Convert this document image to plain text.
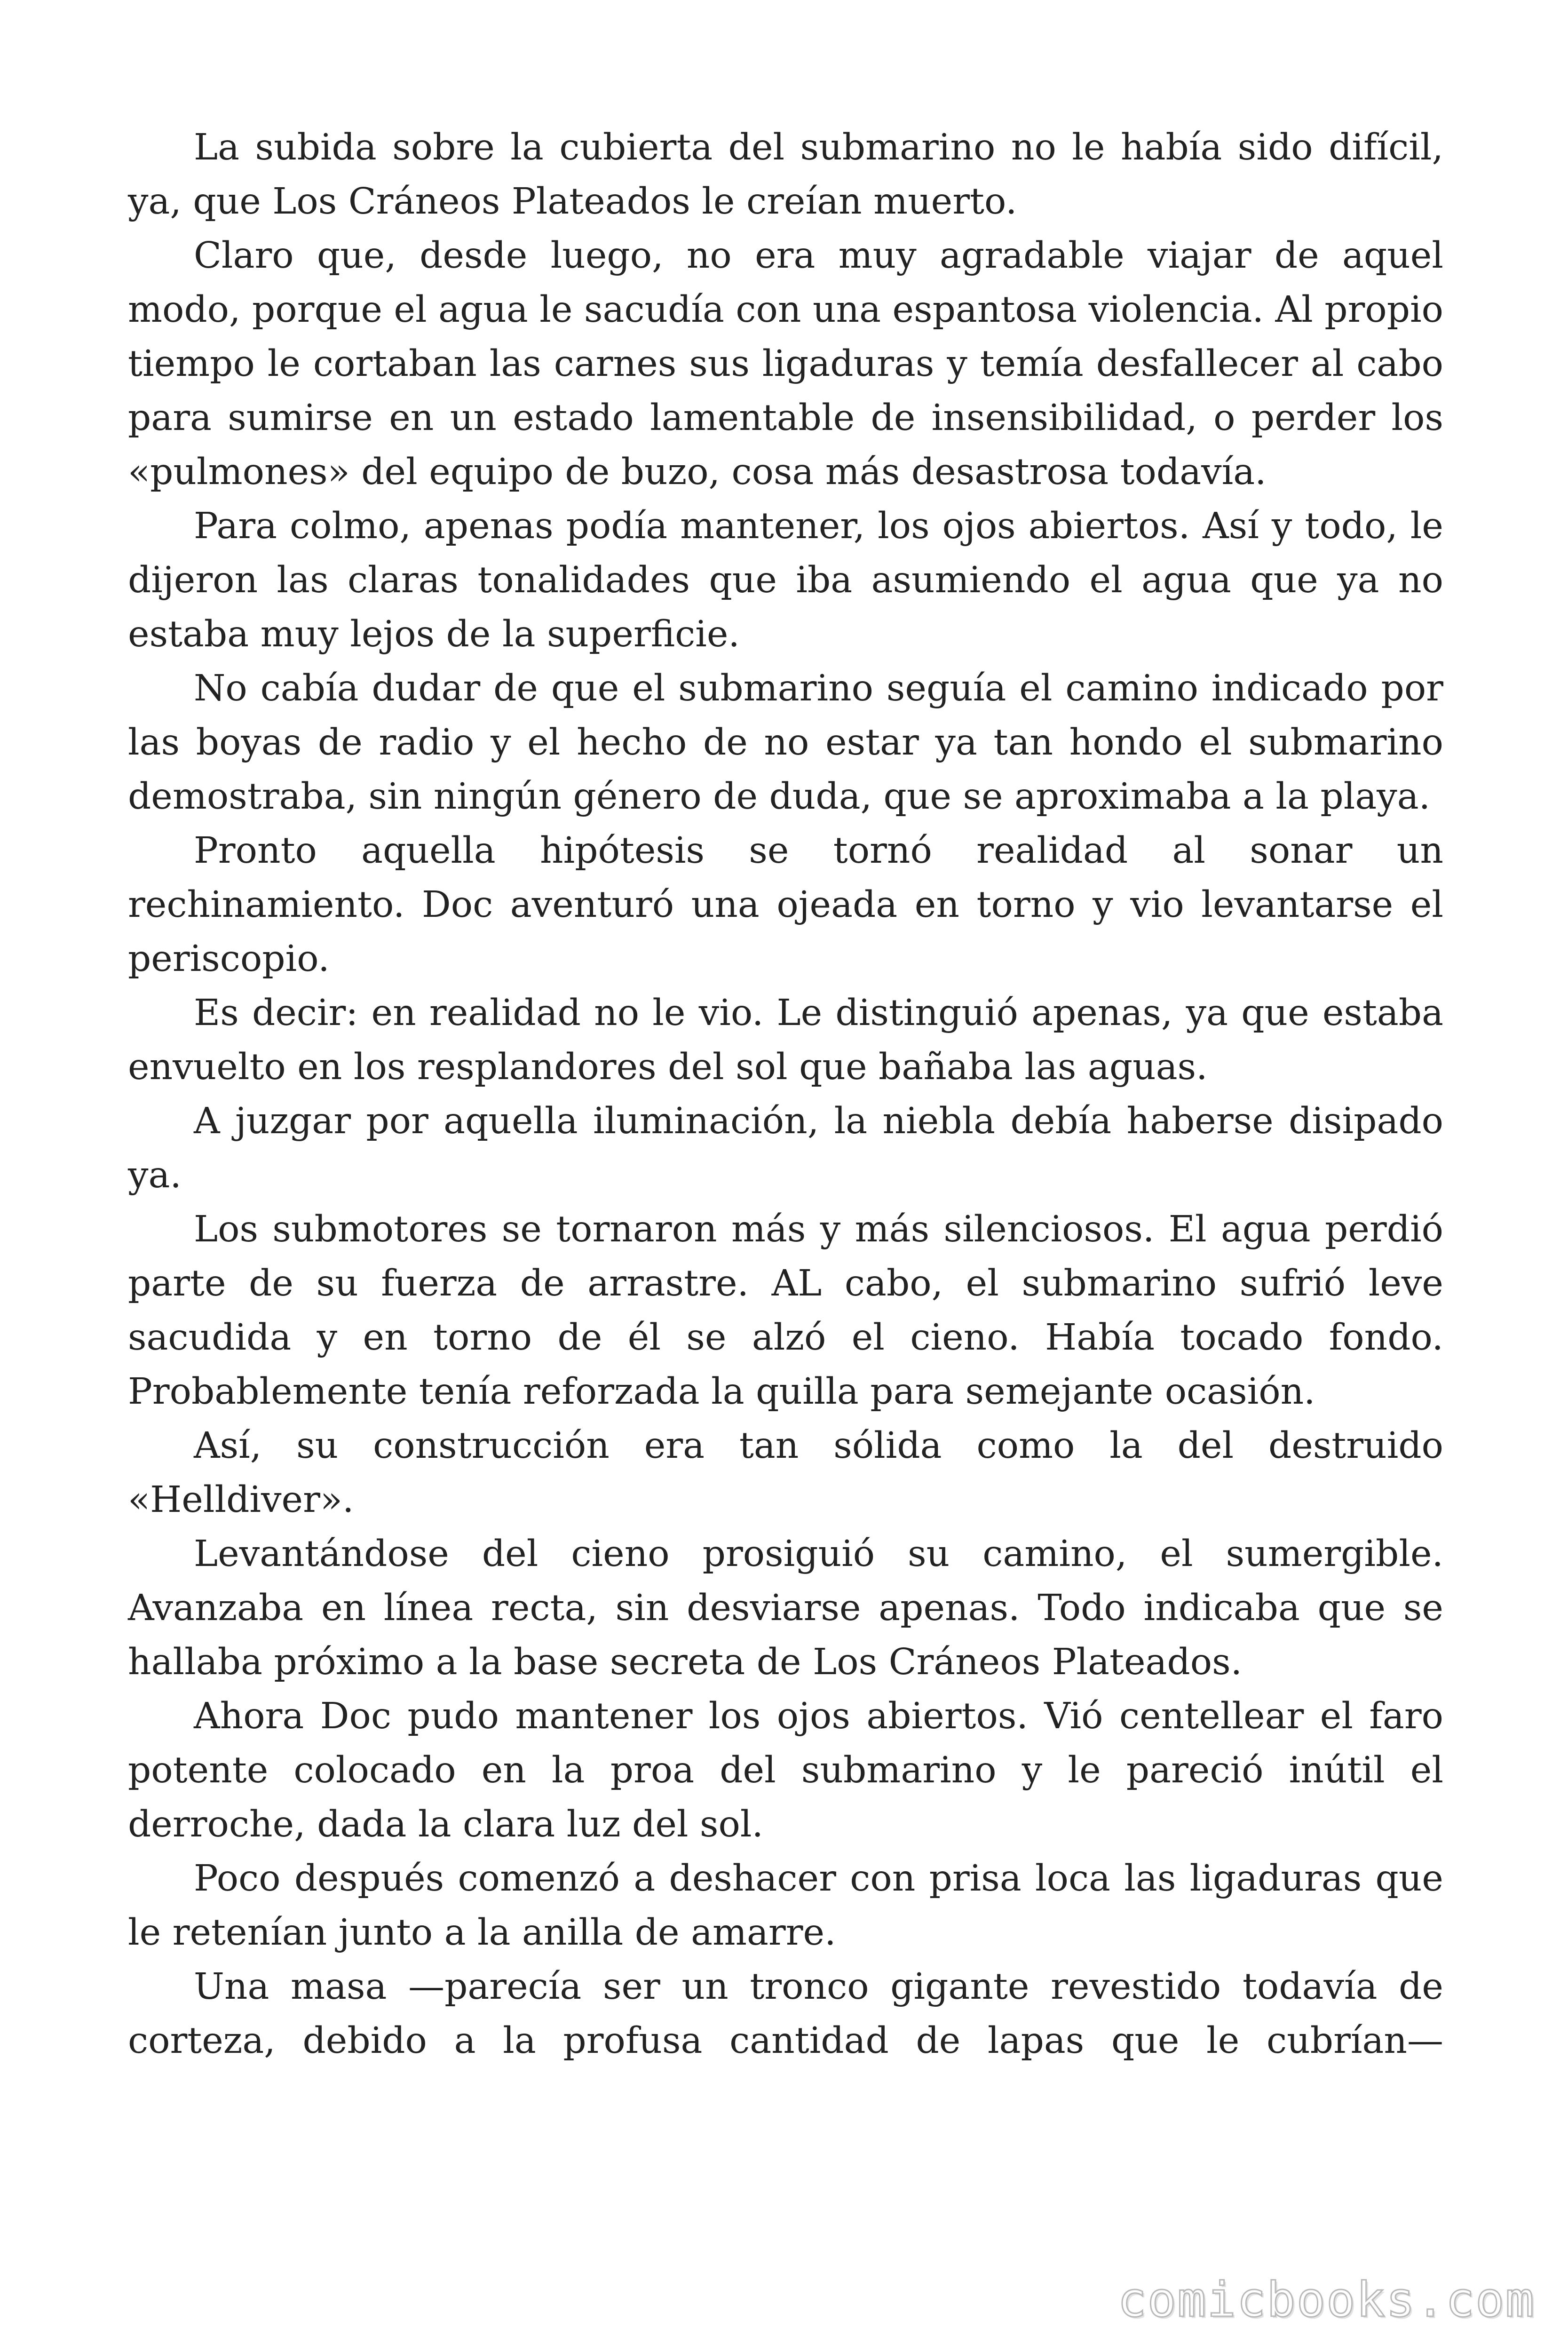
La subida sobre la cubierta del submarino no le había sido difícil, ya, que Los Cráneos Plateados le creían muerto.

Claro que, desde luego, no era muy agradable viajar de aquel modo, porque el agua le sacudía con una espantosa violencia. Al propio tiempo le cortaban las carnes sus ligaduras y temía desfallecer al cabo para sumirse en un estado lamentable de insensibilidad, o perder los «pulmones» del equipo de buzo, cosa más desastrosa todavía.

Para colmo, apenas podía mantener, los ojos abiertos. Así y todo, le dijeron las claras tonalidades que iba asumiendo el agua que ya no estaba muy lejos de la superficie.

No cabía dudar de que el submarino seguía el camino indicado por las boyas de radio y el hecho de no estar ya tan hondo el submarino demostraba, sin ningún género de duda, que se aproximaba a la playa.

Pronto aquella hipótesis se tornó realidad al sonar un rechinamiento. Doc aventuró una ojeada en torno y vio levantarse el periscopio.

Es decir: en realidad no le vio. Le distinguió apenas, ya que estaba envuelto en los resplandores del sol que bañaba las aguas.

A juzgar por aquella iluminación, la niebla debía haberse disipado ya.

Los submotores se tornaron más y más silenciosos. El agua perdió parte de su fuerza de arrastre. AL cabo, el submarino sufrió leve sacudida y en torno de él se alzó el cieno. Había tocado fondo. Probablemente tenía reforzada la quilla para semejante ocasión.

Así, su construcción era tan sólida como la del destruido «Helldiver».

Levantándose del cieno prosiguió su camino, el sumergible. Avanzaba en línea recta, sin desviarse apenas. Todo indicaba que se hallaba próximo a la base secreta de Los Cráneos Plateados.

Ahora Doc pudo mantener los ojos abiertos. Vió centellear el faro potente colocado en la proa del submarino y le pareció inútil el derroche, dada la clara luz del sol.

Poco después comenzó a deshacer con prisa loca las ligaduras que le retenían junto a la anilla de amarre.

Una masa —parecía ser un tronco gigante revestido todavía de corteza, debido a la profusa cantidad de lapas que le cubrían—

comicbooks.com
